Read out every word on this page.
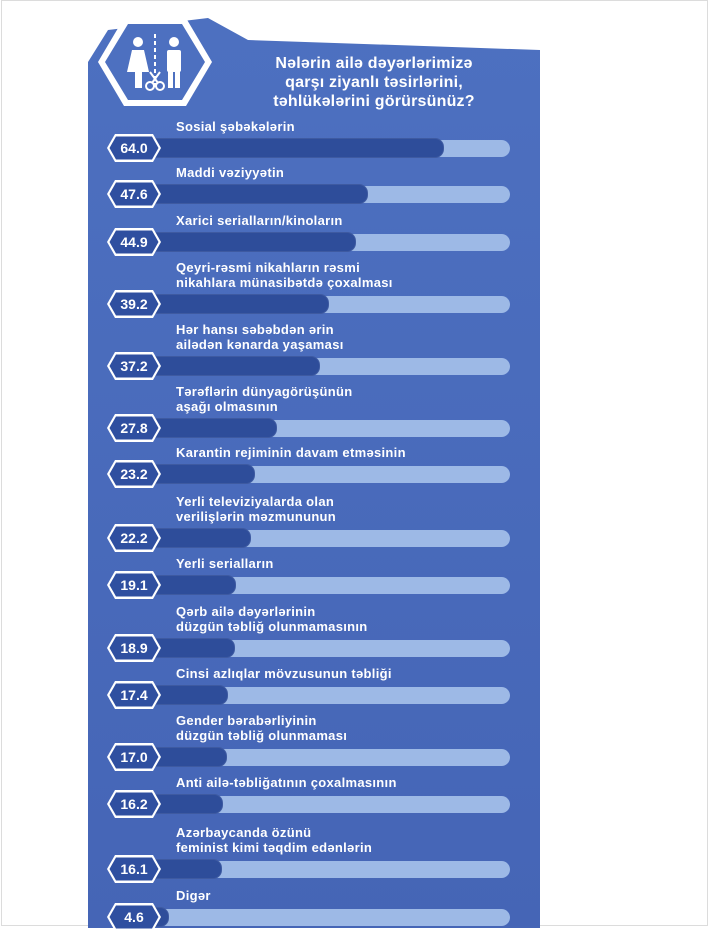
Nələrin ailə dəyərlərimizə
qarşı ziyanlı təsirlərini,
təhlükələrini görürsünüz?
Sosial şəbəkələrin
64.0
Maddi vəziyyətin
47.6
Xarici serialların/kinoların
44.9
Qeyri-rəsmi nikahların rəsmi
nikahlara münasibətdə çoxalması
39.2
Hər hansı səbəbdən ərin
ailədən kənarda yaşaması
37.2
Tərəflərin dünyagörüşünün
aşağı olmasının
27.8
Karantin rejiminin davam etməsinin
23.2
Yerli televiziyalarda olan
verilişlərin məzmununun
22.2
Yerli serialların
19.1
Qərb ailə dəyərlərinin
düzgün təbliğ olunmamasının
18.9
Cinsi azlıqlar mövzusunun təbliği
17.4
Gender bərabərliyinin
düzgün təbliğ olunmaması
17.0
Anti ailə-təbliğatının çoxalmasının
16.2
Azərbaycanda özünü
feminist kimi təqdim edənlərin
16.1
Digər
4.6
